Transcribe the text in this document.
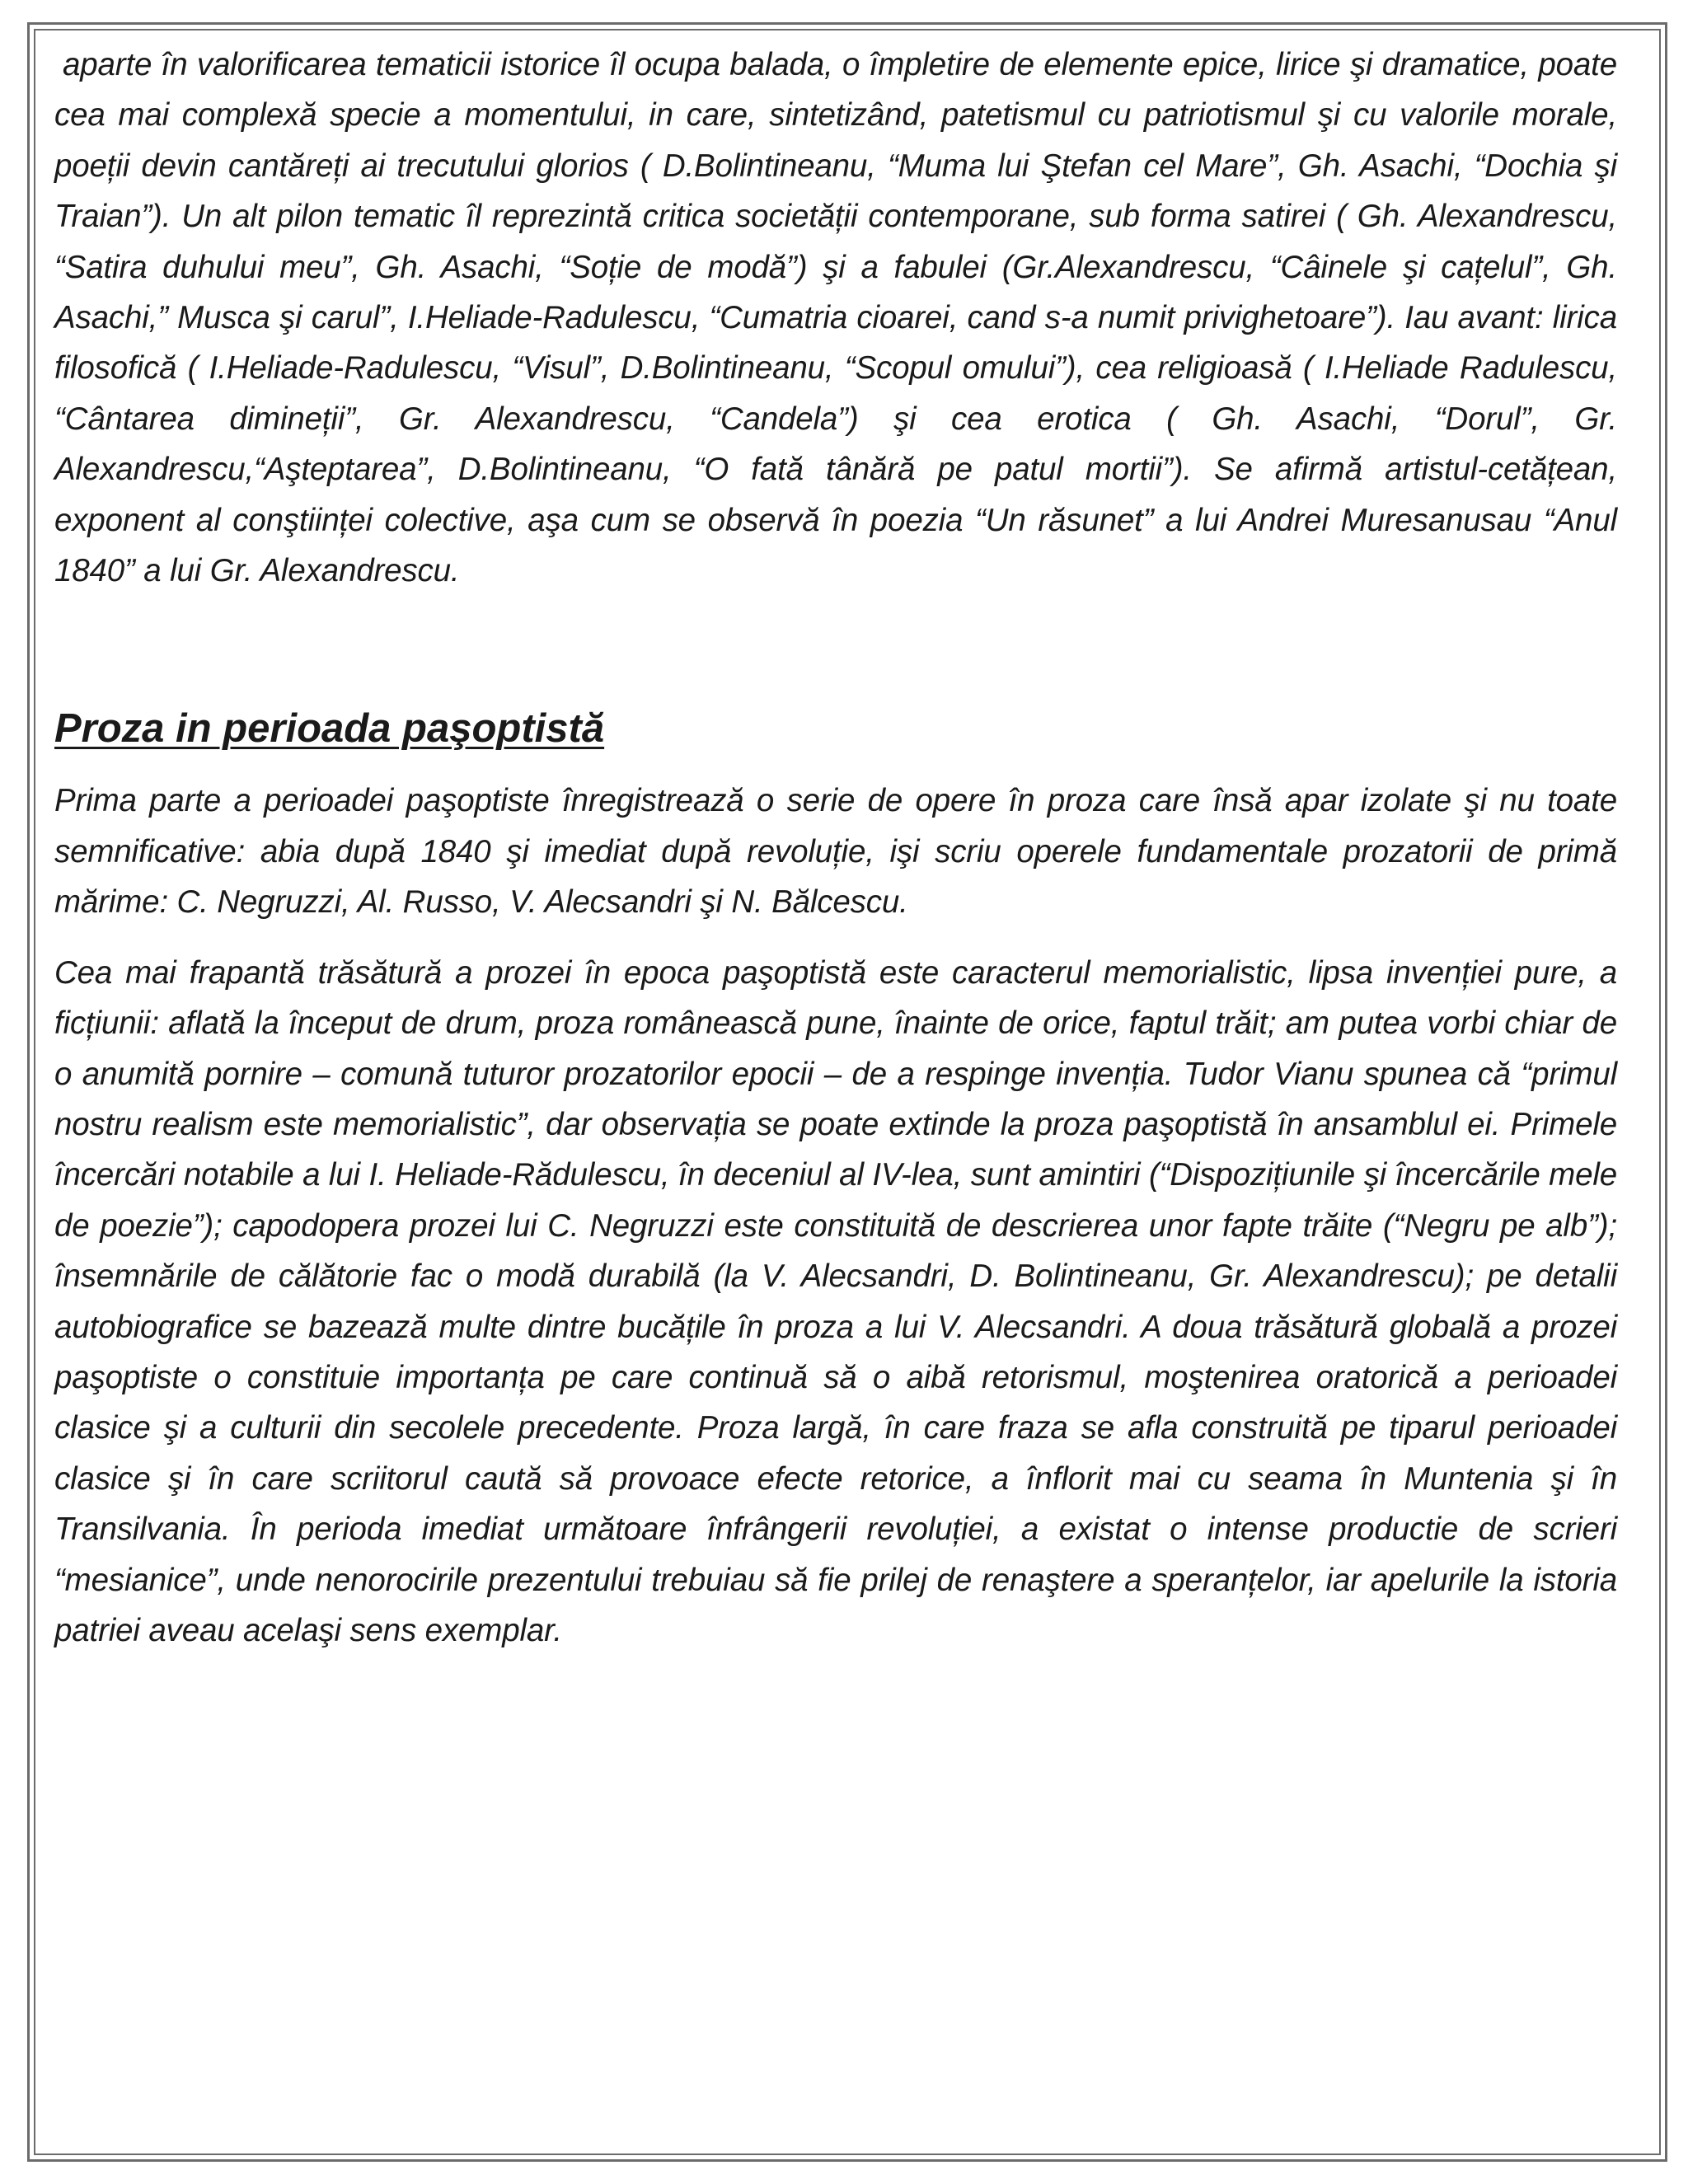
aparte în valorificarea tematicii istorice îl ocupa balada, o împletire de elemente epice, lirice şi dramatice, poate cea mai complexă specie a momentului, in care, sintetizând, patetismul cu patriotismul şi cu valorile morale, poeții devin cantăreți ai trecutului glorios ( D.Bolintineanu, “Muma lui Ştefan cel Mare”, Gh. Asachi, “Dochia şi Traian”). Un alt pilon tematic îl reprezintă critica societății contemporane, sub forma satirei ( Gh. Alexandrescu, “Satira duhului meu”, Gh. Asachi, “Soție de modă”) şi a fabulei (Gr.Alexandrescu, “Câinele şi cațelul”, Gh. Asachi,” Musca şi carul”, I.Heliade-Radulescu, “Cumatria cioarei, cand s-a numit privighetoare”). Iau avant: lirica filosofică ( I.Heliade-Radulescu, “Visul”, D.Bolintineanu, “Scopul omului”), cea religioasă ( I.Heliade Radulescu, “Cântarea dimineții”, Gr. Alexandrescu, “Candela”) şi cea erotica ( Gh. Asachi, “Dorul”, Gr. Alexandrescu,“Aşteptarea”, D.Bolintineanu, “O fată tânără pe patul mortii”). Se afirmă artistul-cetățean, exponent al conştiinței colective, aşa cum se observă în poezia “Un răsunet” a lui Andrei Muresanusau “Anul 1840” a lui Gr. Alexandrescu.

Proza in perioada paşoptistă

Prima parte a perioadei paşoptiste înregistrează o serie de opere în proza care însă apar izolate şi nu toate semnificative: abia după 1840 şi imediat după revoluție, işi scriu operele fundamentale prozatorii de primă mărime: C. Negruzzi, Al. Russo, V. Alecsandri şi N. Bălcescu.

Cea mai frapantă trăsătură a prozei în epoca paşoptistă este caracterul memorialistic, lipsa invenției pure, a ficțiunii: aflată la început de drum, proza românească pune, înainte de orice, faptul trăit; am putea vorbi chiar de o anumită pornire – comună tuturor prozatorilor epocii – de a respinge invenția. Tudor Vianu spunea că “primul nostru realism este memorialistic”, dar observația se poate extinde la proza paşoptistă în ansamblul ei. Primele încercări notabile a lui I. Heliade-Rădulescu, în deceniul al IV-lea, sunt amintiri (“Dispozițiunile şi încercările mele de poezie”); capodopera prozei lui C. Negruzzi este constituită de descrierea unor fapte trăite (“Negru pe alb”); însemnările de călătorie fac o modă durabilă (la V. Alecsandri, D. Bolintineanu, Gr. Alexandrescu); pe detalii autobiografice se bazează multe dintre bucățile în proza a lui V. Alecsandri. A doua trăsătură globală a prozei paşoptiste o constituie importanța pe care continuă să o aibă retorismul, moştenirea oratorică a perioadei clasice şi a culturii din secolele precedente. Proza largă, în care fraza se afla construită pe tiparul perioadei clasice şi în care scriitorul caută să provoace efecte retorice, a înflorit mai cu seama în Muntenia şi în Transilvania. În perioda imediat următoare înfrângerii revoluției, a existat o intense productie de scrieri “mesianice”, unde nenorocirile prezentului trebuiau să fie prilej de renaştere a speranțelor, iar apelurile la istoria patriei aveau acelaşi sens exemplar.
